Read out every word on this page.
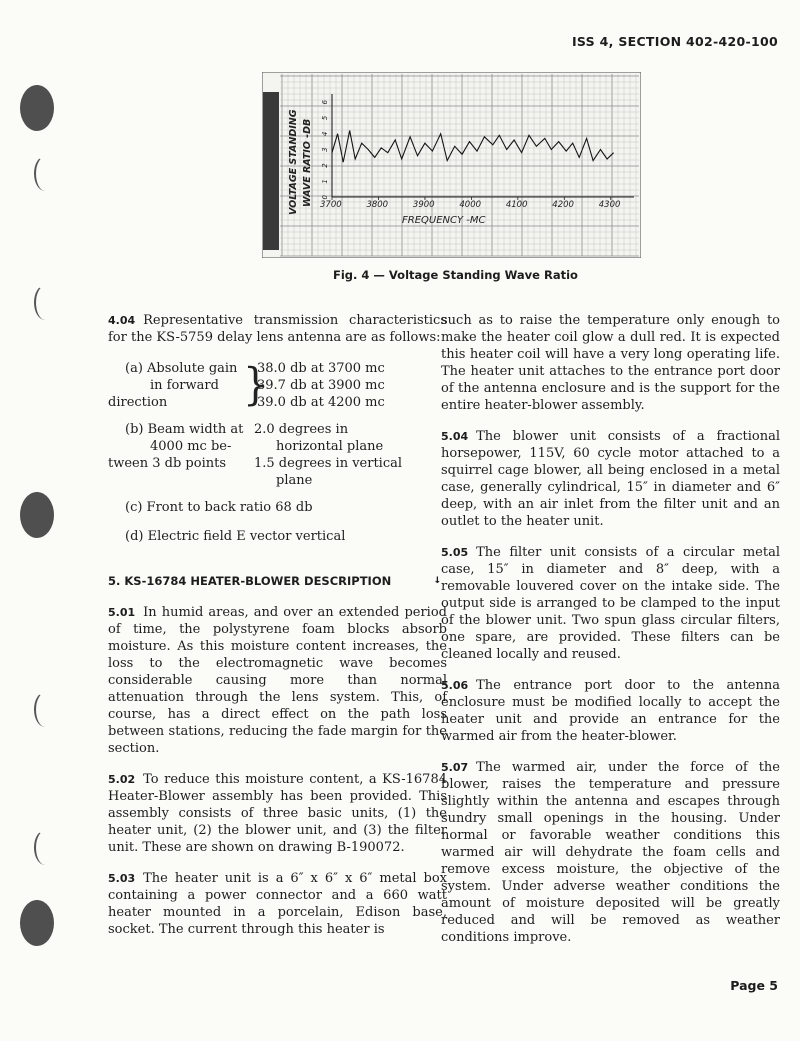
ISS 4, SECTION 402-420-100
0
1
2
3
4
5
6
3700	3800	3900	4000	4100	4200	4300
VOLTAGE STANDING WAVE RATIO -DB
FREQUENCY -MC
Fig. 4 — Voltage Standing Wave Ratio

4.04 Representative transmission characteristics for the KS-5759 delay lens antenna are as follows:

(a) Absolute gain
in forward
direction	}
38.0 db at 3700 mc
39.7 db at 3900 mc
39.0 db at 4200 mc
(b) Beam width at
4000 mc be-
tween 3 db points
2.0 degrees in
horizontal plane
1.5 degrees in vertical
plane
(c) Front to back ratio 68 db
(d) Electric field E vector vertical
5. KS-16784 HEATER-BLOWER DESCRIPTION	↓

5.01 In humid areas, and over an extended period of time, the polystyrene foam blocks absorb moisture. As this moisture content increases, the loss to the electromagnetic wave becomes considerable causing more than normal attenuation through the lens system. This, of course, has a direct effect on the path loss between stations, reducing the fade margin for the section.

5.02 To reduce this moisture content, a KS-16784 Heater-Blower assembly has been provided. This assembly consists of three basic units, (1) the heater unit, (2) the blower unit, and (3) the filter unit. These are shown on drawing B-190072.

5.03 The heater unit is a 6″ x 6″ x 6″ metal box containing a power connector and a 660 watt heater mounted in a porcelain, Edison base, socket. The current through this heater is

such as to raise the temperature only enough to make the heater coil glow a dull red. It is expected this heater coil will have a very long operating life. The heater unit attaches to the entrance port door of the antenna enclosure and is the support for the entire heater-blower assembly.

5.04 The blower unit consists of a fractional horsepower, 115V, 60 cycle motor attached to a squirrel cage blower, all being enclosed in a metal case, generally cylindrical, 15″ in diameter and 6″ deep, with an air inlet from the filter unit and an outlet to the heater unit.

5.05 The filter unit consists of a circular metal case, 15″ in diameter and 8″ deep, with a removable louvered cover on the intake side. The output side is arranged to be clamped to the input of the blower unit. Two spun glass circular filters, one spare, are provided. These filters can be cleaned locally and reused.

5.06 The entrance port door to the antenna enclosure must be modified locally to accept the heater unit and provide an entrance for the warmed air from the heater-blower.

5.07 The warmed air, under the force of the blower, raises the temperature and pressure slightly within the antenna and escapes through sundry small openings in the housing. Under normal or favorable weather conditions this warmed air will dehydrate the foam cells and remove excess moisture, the objective of the system. Under adverse weather conditions the amount of moisture deposited will be greatly reduced and will be removed as weather conditions improve.

Page 5
